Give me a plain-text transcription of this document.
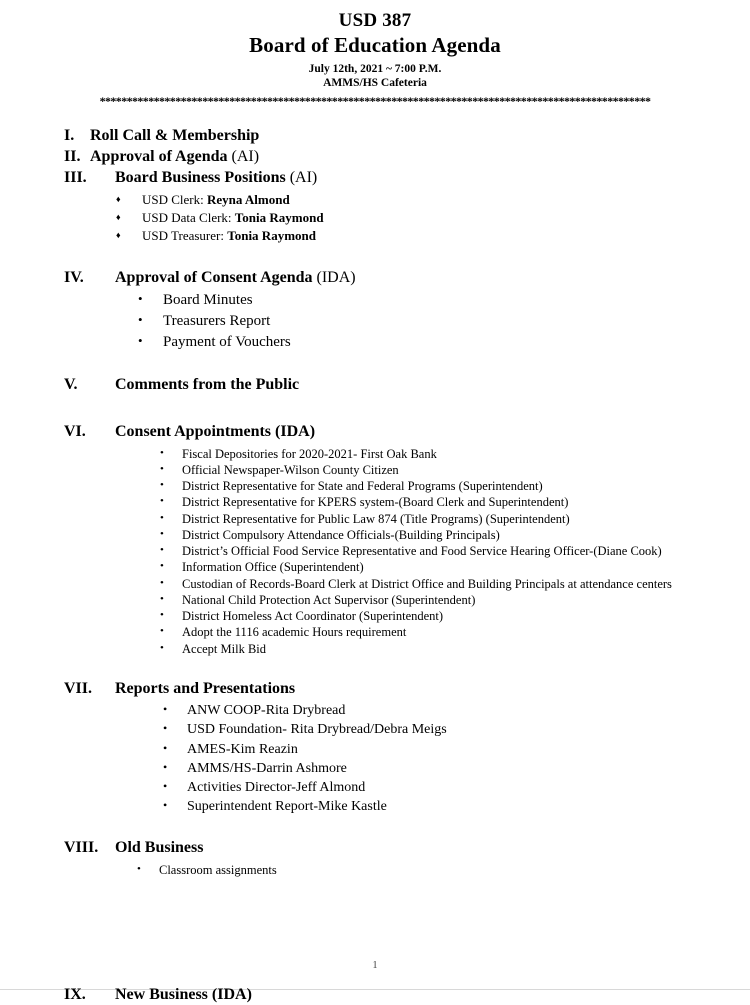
USD 387
Board of Education Agenda
July 12th, 2021 ~ 7:00 P.M.
AMMS/HS Cafeteria
******************************************************************************************************
I. Roll Call & Membership
II. Approval of Agenda (AI)
III.	Board Business Positions (AI)
♦	USD Clerk: Reyna Almond
♦	USD Data Clerk: Tonia Raymond
♦	USD Treasurer: Tonia Raymond
IV.	Approval of Consent Agenda (IDA)
•	Board Minutes
•	Treasurers Report
•	Payment of Vouchers
V.	Comments from the Public
VI.	Consent Appointments (IDA)
•	Fiscal Depositories for 2020-2021- First Oak Bank
•	Official Newspaper-Wilson County Citizen
•	District Representative for State and Federal Programs (Superintendent)
•	District Representative for KPERS system-(Board Clerk and Superintendent)
•	District Representative for Public Law 874 (Title Programs) (Superintendent)
•	District Compulsory Attendance Officials-(Building Principals)
•	District’s Official Food Service Representative and Food Service Hearing Officer-(Diane Cook)
•	Information Office (Superintendent)
•	Custodian of Records-Board Clerk at District Office and Building Principals at attendance centers
•	National Child Protection Act Supervisor (Superintendent)
•	District Homeless Act Coordinator (Superintendent)
•	Adopt the 1116 academic Hours requirement
•	Accept Milk Bid
VII.	Reports and Presentations
•	ANW COOP-Rita Drybread
•	USD Foundation- Rita Drybread/Debra Meigs
•	AMES-Kim Reazin
•	AMMS/HS-Darrin Ashmore
•	Activities Director-Jeff Almond
•	Superintendent Report-Mike Kastle
VIII.	Old Business
•	Classroom assignments
IX.	New Business (IDA)
1
